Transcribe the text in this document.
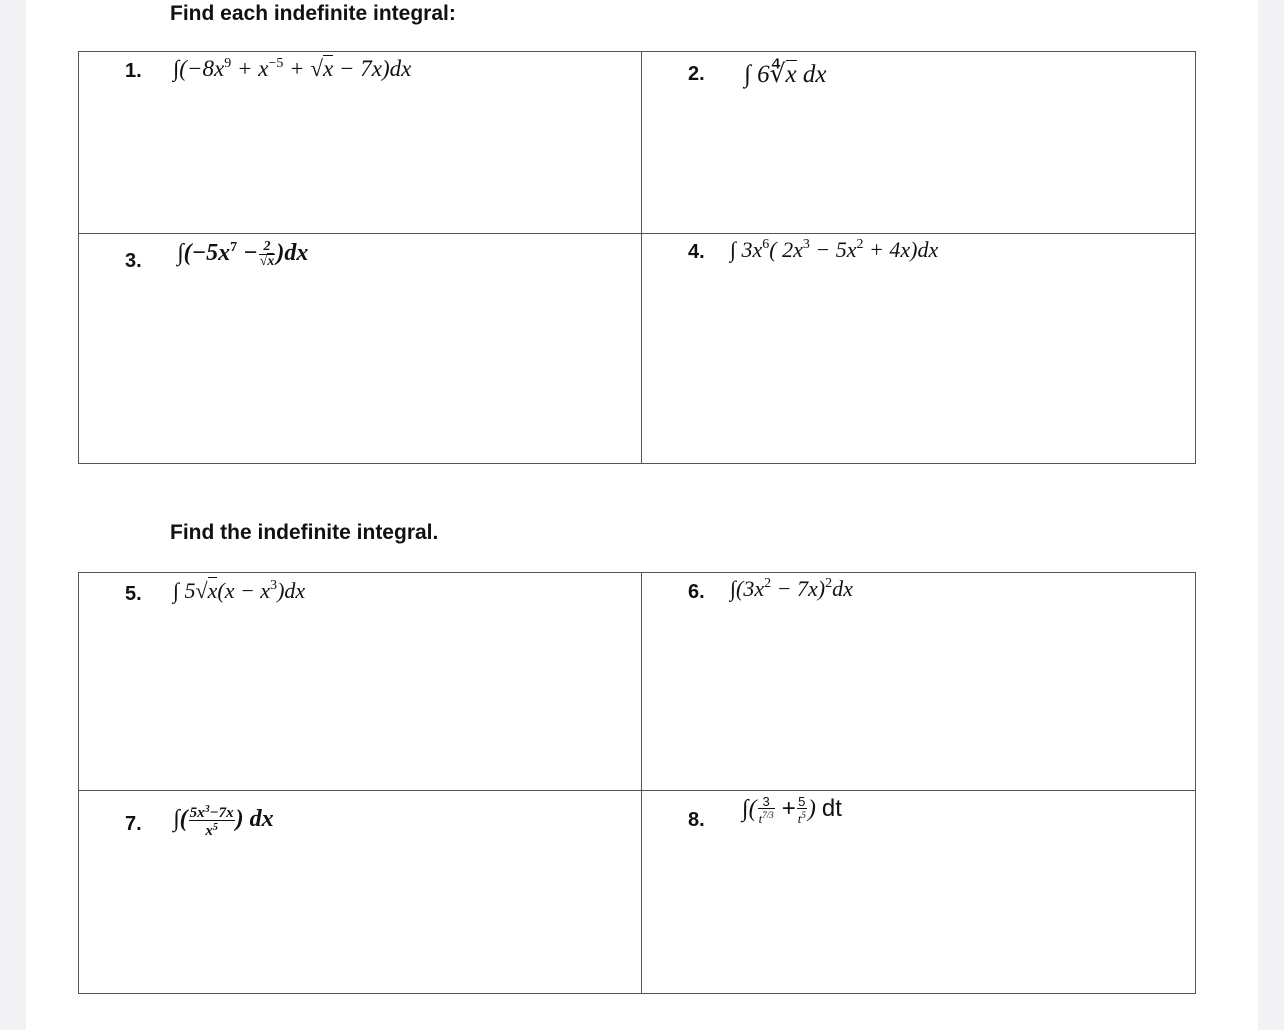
Find each indefinite integral:
1. $\int(-8x^9 + x^{-5} + √x - 7x)dx$	2. ∫ 6∜x dx
3. $\int(-5x^7 - \frac{2}{√x} )dx$	4. ∫ $3x^6$( $2x^3 - 5x^2 + 4x)dx$
Find the indefinite integral.
5. ∫ $5√x(x - x^3)dx$	6. $\int(3x^2 - 7x)^2dx$
7. ∫( $\frac{5x^3-7x}{x^5}$ ) dx	8. ∫( $\frac{3}{t^{7/3}} + \frac{5}{t^5}$ ) dt
